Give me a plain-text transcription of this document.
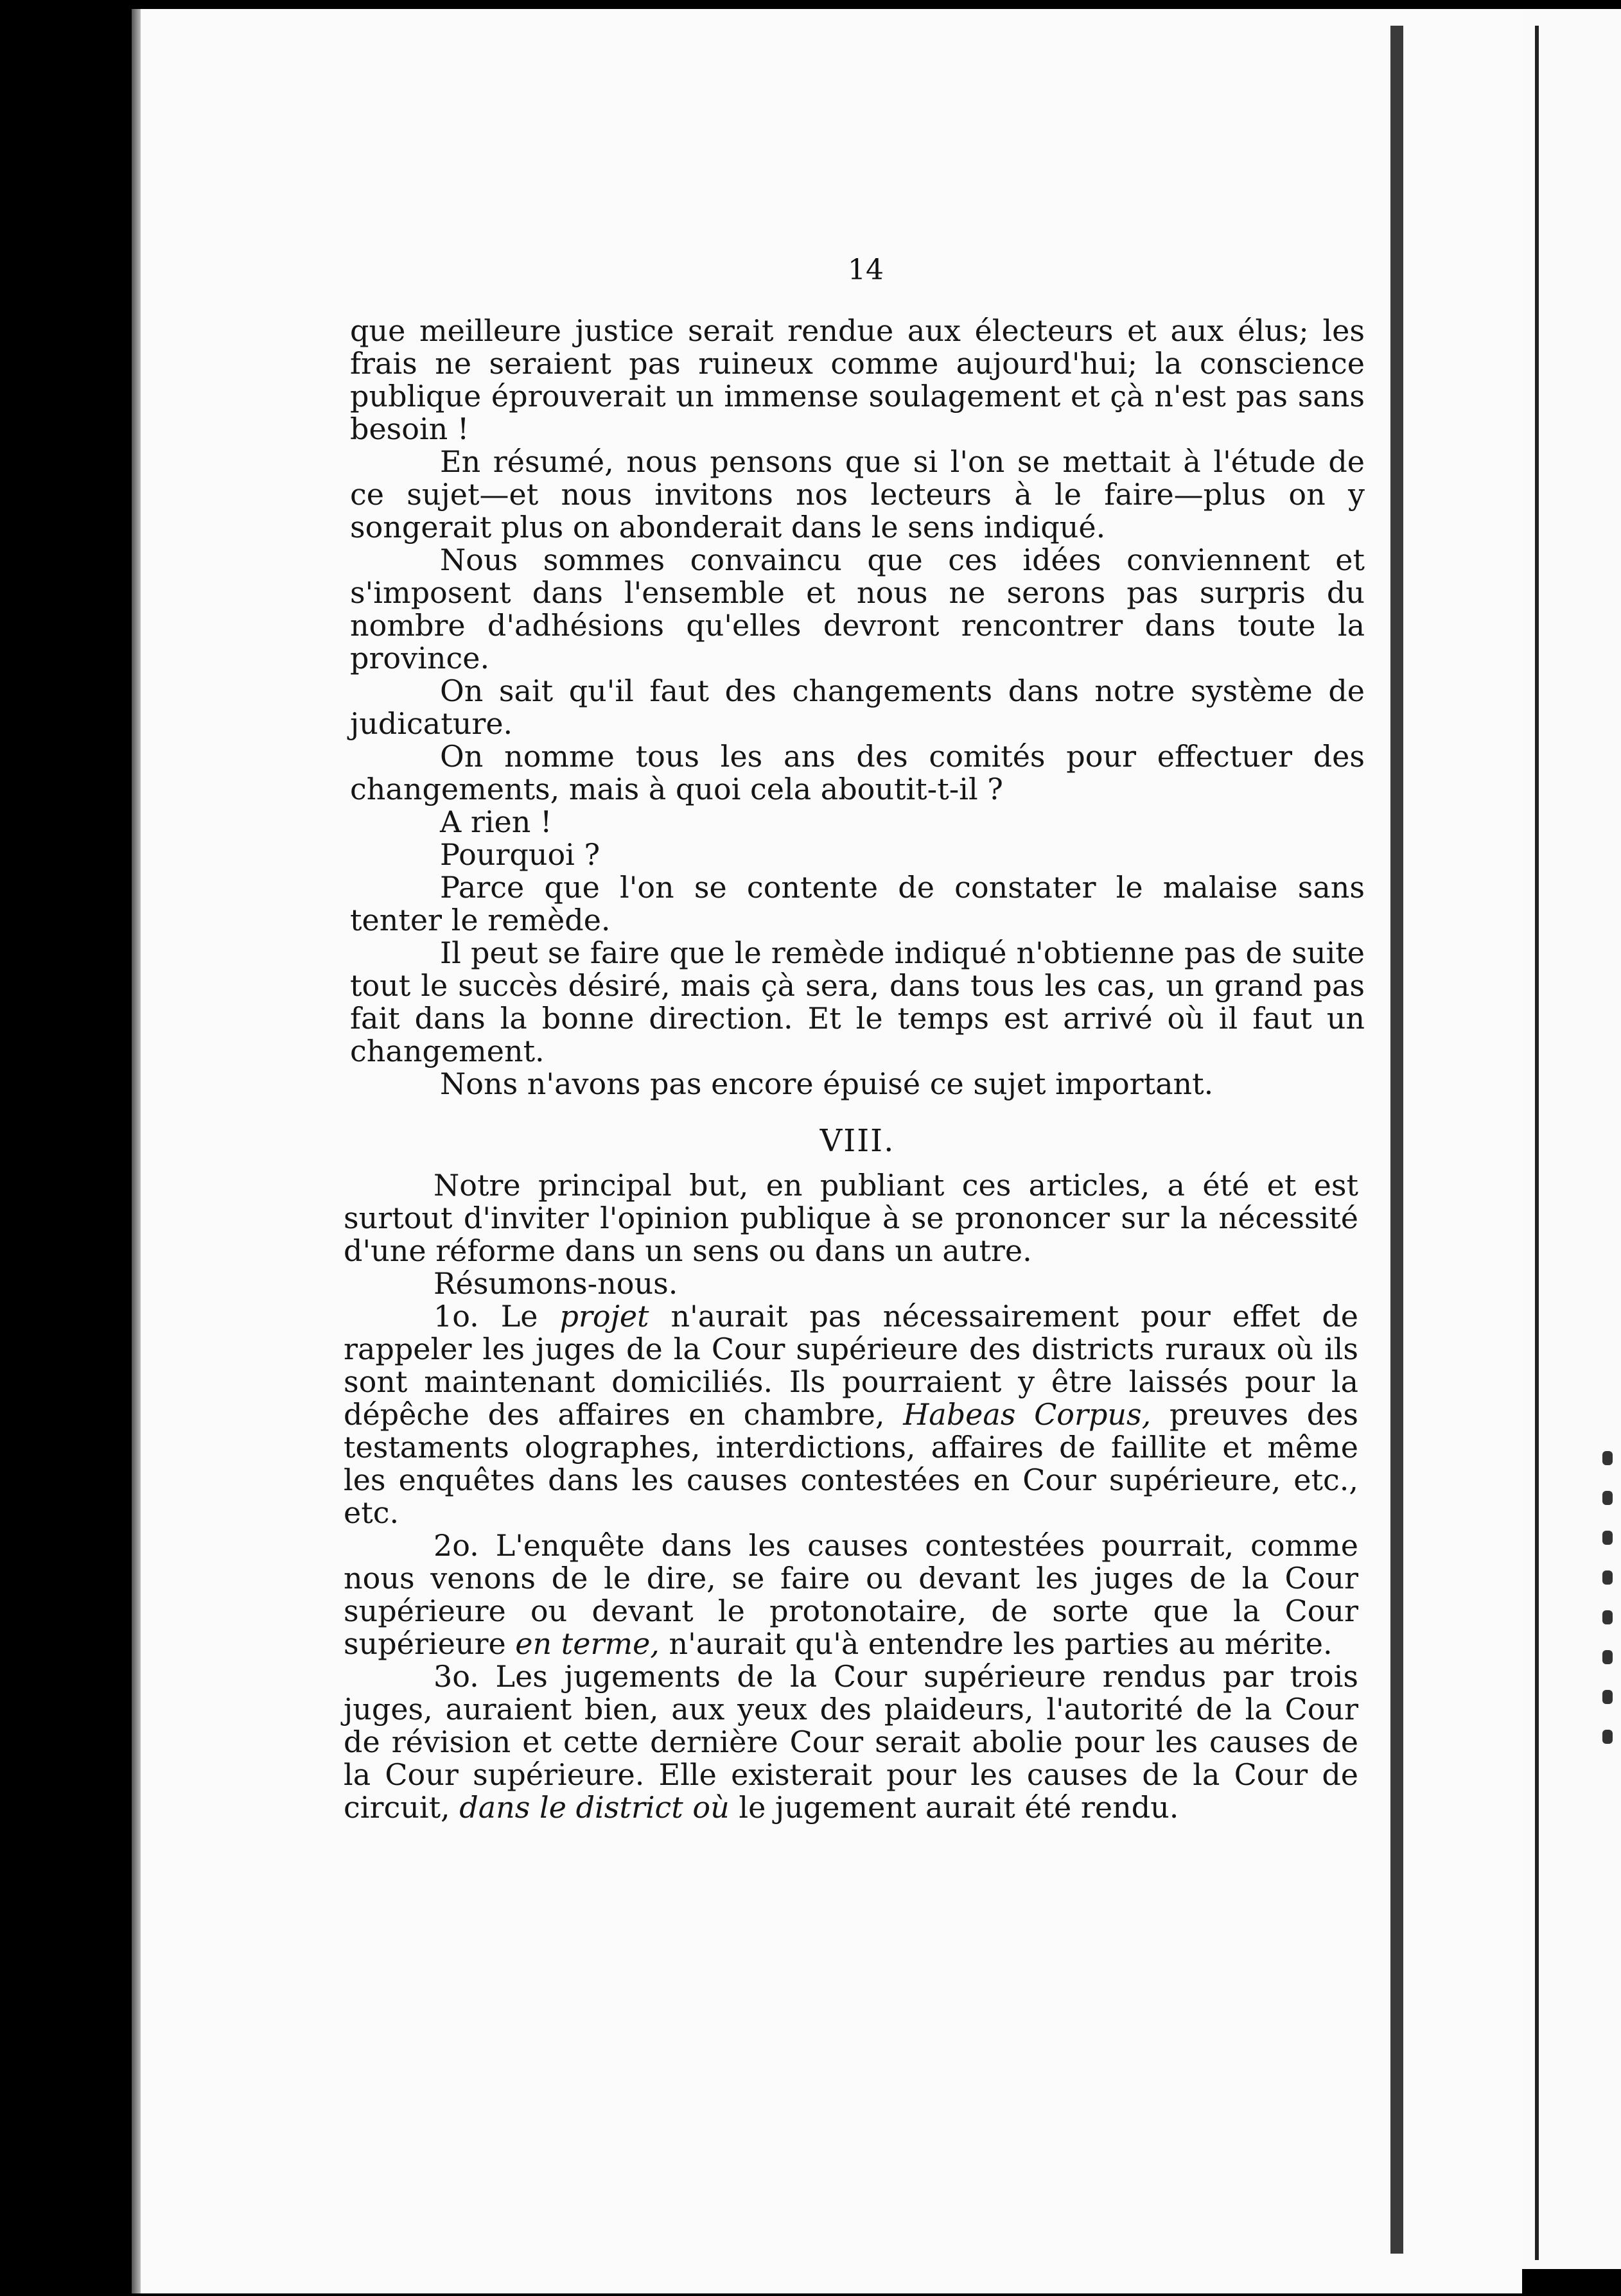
14

que meilleure justice serait rendue aux électeurs et aux élus; les frais ne seraient pas ruineux comme aujourd'hui; la conscience publique éprouverait un immense soulagement et çà n'est pas sans besoin !

En résumé, nous pensons que si l'on se mettait à l'étude de ce sujet—et nous invitons nos lecteurs à le faire—plus on y songerait plus on abonderait dans le sens indiqué.

Nous sommes convaincu que ces idées conviennent et s'imposent dans l'ensemble et nous ne serons pas surpris du nombre d'adhésions qu'elles devront rencontrer dans toute la province.

On sait qu'il faut des changements dans notre système de judicature.

On nomme tous les ans des comités pour effectuer des changements, mais à quoi cela aboutit-t-il ?

A rien !

Pourquoi ?

Parce que l'on se contente de constater le malaise sans tenter le remède.

Il peut se faire que le remède indiqué n'obtienne pas de suite tout le succès désiré, mais çà sera, dans tous les cas, un grand pas fait dans la bonne direction. Et le temps est arrivé où il faut un changement.

Nons n'avons pas encore épuisé ce sujet important.

VIII.

Notre principal but, en publiant ces articles, a été et est surtout d'inviter l'opinion publique à se prononcer sur la nécessité d'une réforme dans un sens ou dans un autre.

Résumons-nous.

1o. Le projet n'aurait pas nécessairement pour effet de rappeler les juges de la Cour supérieure des districts ruraux où ils sont maintenant domiciliés. Ils pourraient y être laissés pour la dépêche des affaires en chambre, Habeas Corpus, preuves des testaments olographes, interdictions, affaires de faillite et même les enquêtes dans les causes contestées en Cour supérieure, etc., etc.

2o. L'enquête dans les causes contestées pourrait, comme nous venons de le dire, se faire ou devant les juges de la Cour supérieure ou devant le protonotaire, de sorte que la Cour supérieure en terme, n'aurait qu'à entendre les parties au mérite.

3o. Les jugements de la Cour supérieure rendus par trois juges, auraient bien, aux yeux des plaideurs, l'autorité de la Cour de révision et cette dernière Cour serait abolie pour les causes de la Cour supérieure. Elle existerait pour les causes de la Cour de circuit, dans le district où le jugement aurait été rendu.
